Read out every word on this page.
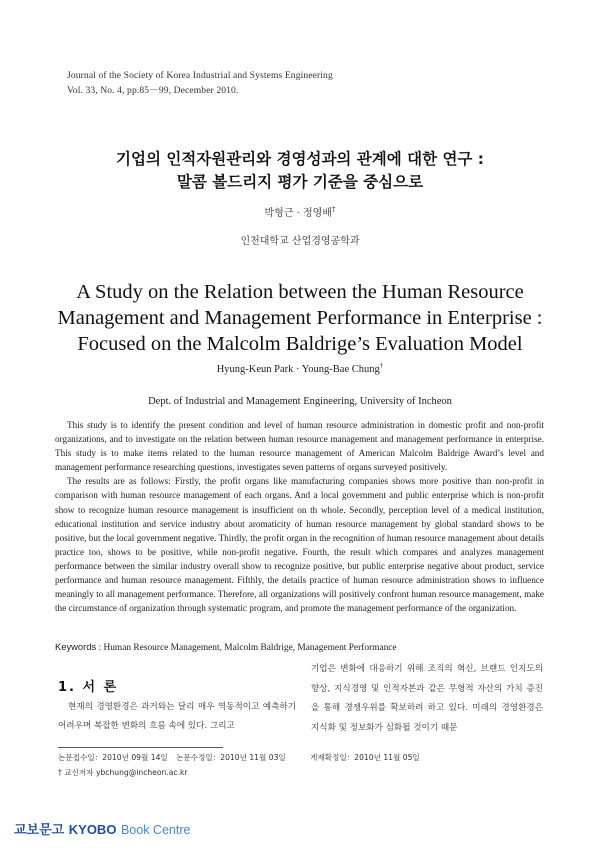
Journal of the Society of Korea Industrial and Systems Engineering
Vol. 33, No. 4, pp.85－99, December 2010.
기업의 인적자원관리와 경영성과의 관계에 대한 연구 :
말콤 볼드리지 평가 기준을 중심으로
박형근 · 정영배†
인천대학교 산업경영공학과
A Study on the Relation between the Human Resource
Management and Management Performance in Enterprise :
Focused on the Malcolm Baldrige’s Evaluation Model
Hyung-Keun Park · Young-Bae Chung†
Dept. of Industrial and Management Engineering, University of Incheon

This study is to identify the present condition and level of human resource administration in domestic profit and non-profit organizations, and to investigate on the relation between human resource management and management performance in enterprise. This study is to make items related to the human resource management of American Malcolm Baldrige Award’s level and management performance researching questions, investigates seven patterns of organs surveyed positively.

The results are as follows: Firstly, the profit organs like manufacturing companies shows more positive than non-profit in comparison with human resource management of each organs. And a local government and public enterprise which is non-profit show to recognize human resource management is insufficient on th whole. Secondly, perception level of a medical institution, educational institution and service industry about aromaticity of human resource management by global standard shows to be positive, but the local government negative. Thirdly, the profit organ in the recognition of human resource management about details practice too, shows to be positive, while non-profit negative. Fourth, the result which compares and analyzes management performance between the similar industry overall show to recognize positive, but public enterprise negative about product, service performance and human resource management. Fifthly, the details practice of human resource administration shows to influence meaningly to all management performance. Therefore, all organizations will positively confront human resource management, make the circumstance of organization through systematic program, and promote the management performance of the organization.

Keywords : Human Resource Management, Malcolm Baldrige, Management Performance
1. 서 론

현재의 경영환경은 과거와는 달리 매우 역동적이고 예측하기 어려우며 복잡한 변화의 흐름 속에 있다. 그리고

기업은 변화에 대응하기 위해 조직의 혁신, 브랜드 인지도의 향상, 지식경영 및 인적자본과 같은 무형적 자산의 가치 증진을 통해 경쟁우위를 확보하려 하고 있다. 미래의 경영환경은 지식화 및 정보화가 심화될 것이기 때문
논문접수일：2010년 09월 14일 논문수정일：2010년 11월 03일	게재확정일：2010년 11월 05일
† 교신저자 ybchung@incheon.ac.kr
교보문고 KYOBO Book Centre
